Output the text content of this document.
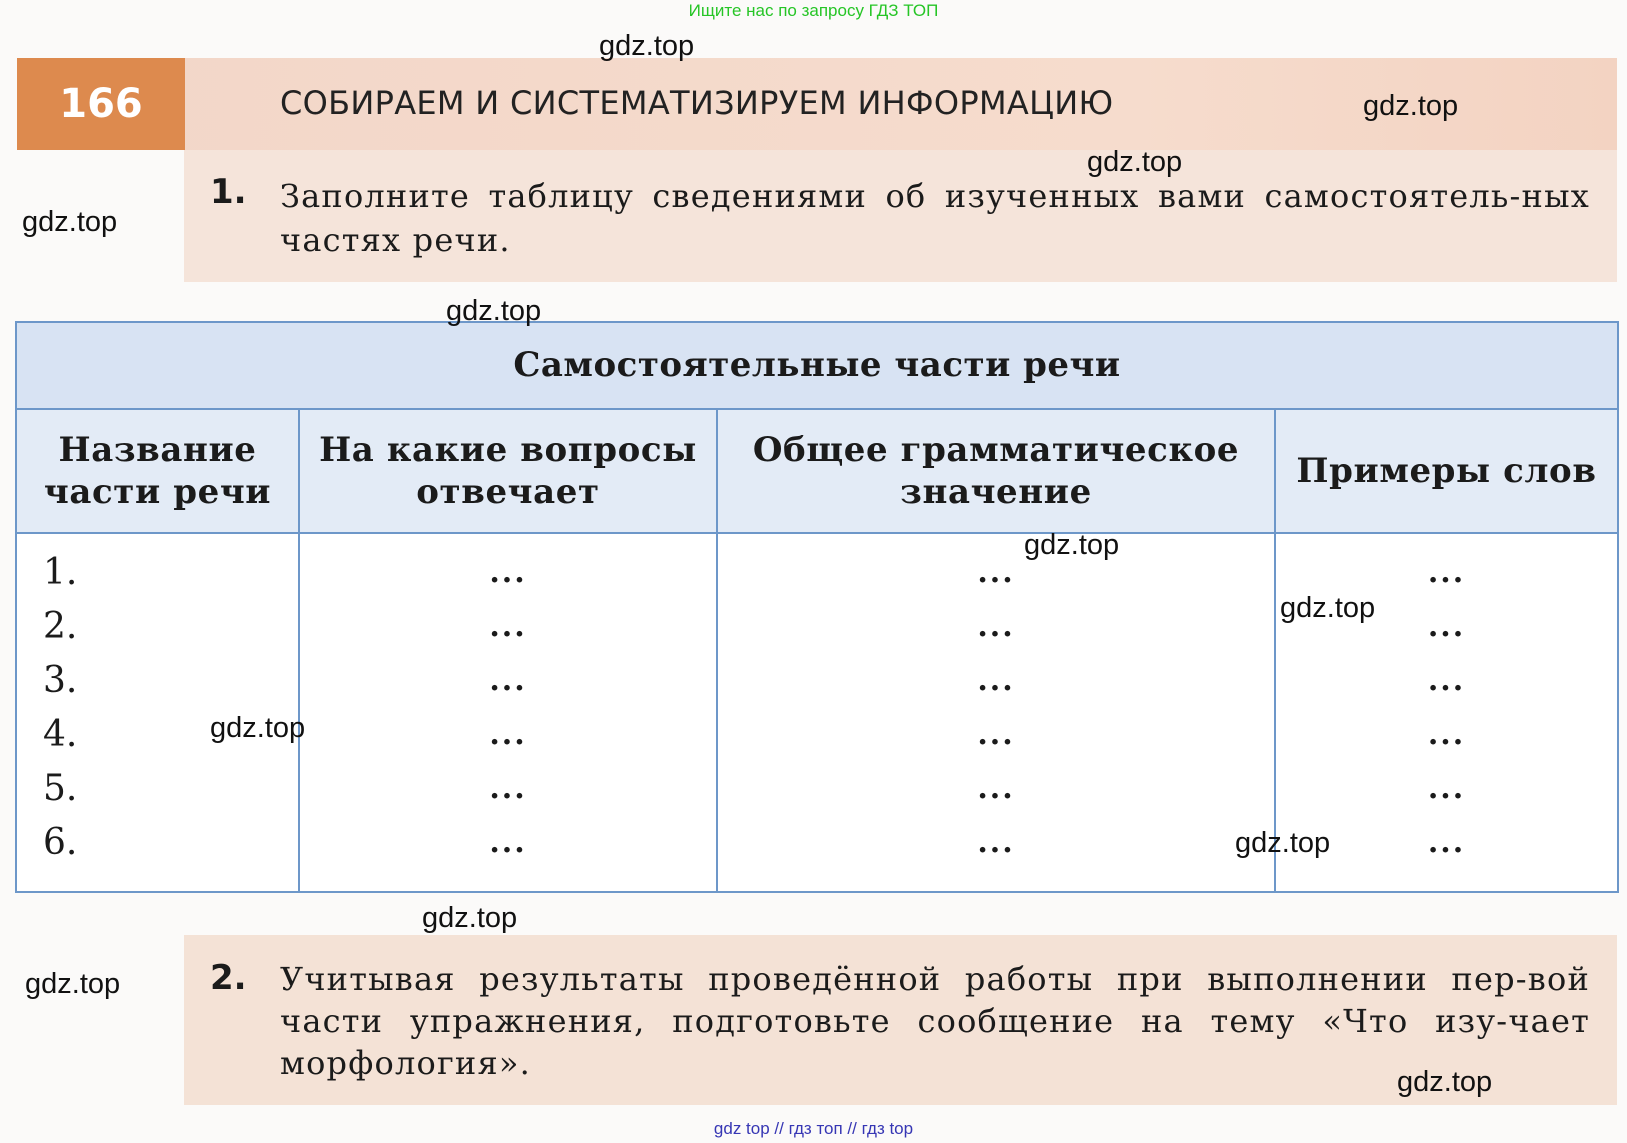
Ищите нас по запросу ГДЗ ТОП
166	СОБИРАЕМ И СИСТЕМАТИЗИРУЕМ ИНФОРМАЦИЮ
1. Заполните таблицу сведениями об изученных вами самостоятель-ных частях речи.
Самостоятельные части речи
Название части речи
На какие вопросы отвечает
Общее грамматическое значение
Примеры слов
1.
2.
3.
4.
5.
6.
...
...
...
...
...
...
...
...
...
...
...
...
...
...
...
...
...
...
2. Учитывая результаты проведённой работы при выполнении пер-вой части упражнения, подготовьте сообщение на тему «Что изу-чает морфология».
gdz.top
gdz.top
gdz.top
gdz.top
gdz.top
gdz.top
gdz.top
gdz.top
gdz.top
gdz.top
gdz.top
gdz.top
gdz top // гдз топ // гдз top
